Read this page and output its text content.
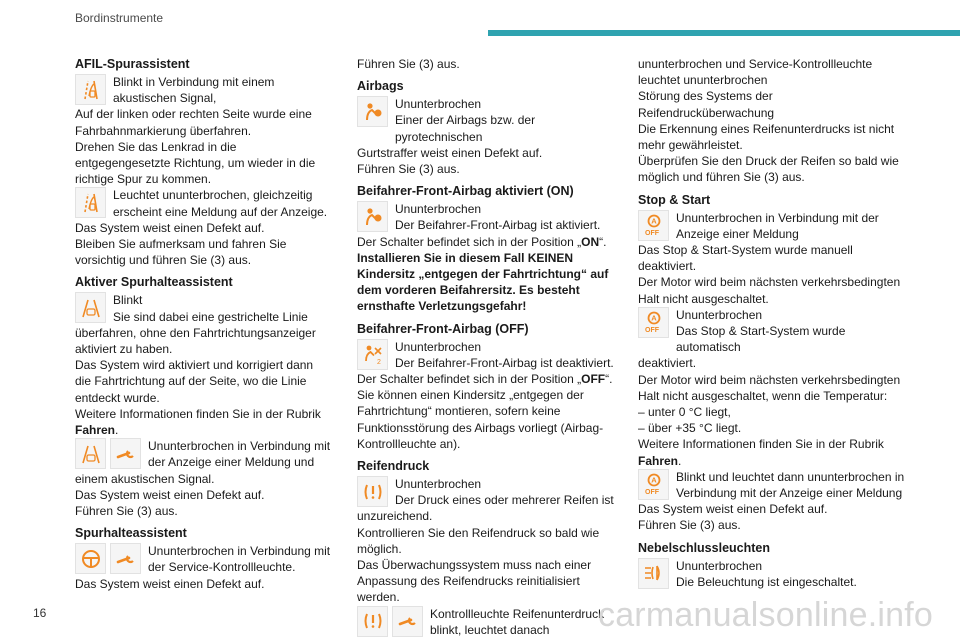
Bordinstrumente
AFIL-Spurassistent
Blinkt in Verbindung mit einem akustischen Signal,

Auf der linken oder rechten Seite wurde eine Fahrbahnmarkierung überfahren.

Drehen Sie das Lenkrad in die entgegengesetzte Richtung, um wieder in die richtige Spur zu kommen.

Leuchtet ununterbrochen, gleichzeitig erscheint eine Meldung auf der Anzeige.

Das System weist einen Defekt auf.

Bleiben Sie aufmerksam und fahren Sie vorsichtig und führen Sie (3) aus.

Aktiver Spurhalteassistent
Blinkt
Sie sind dabei eine gestrichelte Linie

überfahren, ohne den Fahrtrichtungsanzeiger aktiviert zu haben.

Das System wird aktiviert und korrigiert dann die Fahrtrichtung auf der Seite, wo die Linie entdeckt wurde.

Weitere Informationen finden Sie in der Rubrik Fahren.

Ununterbrochen in Verbindung mit der Anzeige einer Meldung und

einem akustischen Signal.

Das System weist einen Defekt auf.

Führen Sie (3) aus.

Spurhalteassistent
Ununterbrochen in Verbindung mit der Service-Kontrollleuchte.

Das System weist einen Defekt auf.

Führen Sie (3) aus.

Airbags
Ununterbrochen
Einer der Airbags bzw. der pyrotechnischen

Gurtstraffer weist einen Defekt auf.

Führen Sie (3) aus.

Beifahrer-Front-Airbag aktiviert (ON)
Ununterbrochen
Der Beifahrer-Front-Airbag ist aktiviert.

Der Schalter befindet sich in der Position „ON“.

Installieren Sie in diesem Fall KEINEN Kindersitz „entgegen der Fahrtrichtung“ auf dem vorderen Beifahrersitz. Es besteht ernsthafte Verletzungsgefahr!

Beifahrer-Front-Airbag (OFF)
2
Ununterbrochen
Der Beifahrer-Front-Airbag ist deaktiviert.

Der Schalter befindet sich in der Position „OFF“.

Sie können einen Kindersitz „entgegen der Fahrtrichtung“ montieren, sofern keine Funktionsstörung des Airbags vorliegt (Airbag-Kontrollleuchte an).

Reifendruck
Ununterbrochen
Der Druck eines oder mehrerer Reifen ist

unzureichend.

Kontrollieren Sie den Reifendruck so bald wie möglich.

Das Überwachungssystem muss nach einer Anpassung des Reifendrucks reinitialisiert werden.

Kontrollleuchte Reifenunterdruck blinkt, leuchtet danach

ununterbrochen und Service-Kontrollleuchte leuchtet ununterbrochen

Störung des Systems der Reifendrucküberwachung

Die Erkennung eines Reifenunterdrucks ist nicht mehr gewährleistet.

Überprüfen Sie den Druck der Reifen so bald wie möglich und führen Sie (3) aus.

Stop & Start
A
OFF
Ununterbrochen in Verbindung mit der Anzeige einer Meldung

Das Stop & Start-System wurde manuell deaktiviert.

Der Motor wird beim nächsten verkehrsbedingten Halt nicht ausgeschaltet.

A
OFF
Ununterbrochen
Das Stop & Start-System wurde automatisch

deaktiviert.

Der Motor wird beim nächsten verkehrsbedingten Halt nicht ausgeschaltet, wenn die Temperatur:

– unter 0 °C liegt,

– über +35 °C liegt.

Weitere Informationen finden Sie in der Rubrik Fahren.

A
OFF
Blinkt und leuchtet dann ununterbrochen in Verbindung mit der Anzeige einer Meldung

Das System weist einen Defekt auf.

Führen Sie (3) aus.

Nebelschlussleuchten
Ununterbrochen
Die Beleuchtung ist eingeschaltet.
16	carmanualsonline.info
